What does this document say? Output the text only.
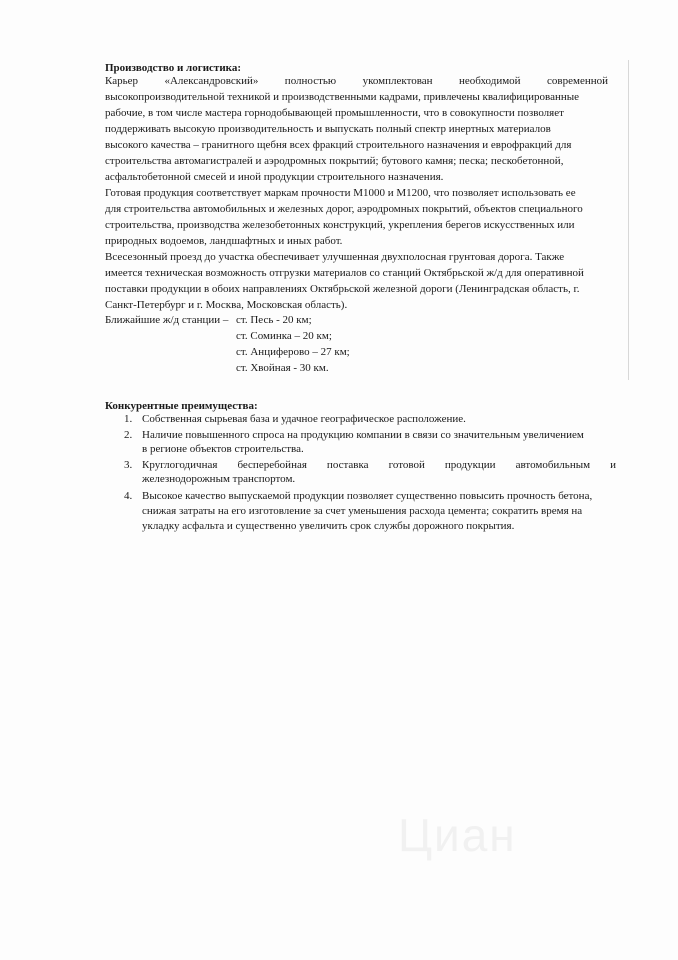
Производство и логистика:
Карьер «Александровский» полностью укомплектован необходимой современной
высокопроизводительной техникой и производственными кадрами, привлечены квалифицированные
рабочие, в том числе мастера горнодобывающей промышленности, что в совокупности позволяет
поддерживать высокую производительность и выпускать полный спектр инертных материалов
высокого качества – гранитного щебня всех фракций строительного назначения и еврофракций для
строительства автомагистралей и аэродромных покрытий; бутового камня; песка; пескобетонной,
асфальтобетонной смесей и иной продукции строительного назначения.
Готовая продукция соответствует маркам прочности М1000 и М1200, что позволяет использовать ее
для строительства автомобильных и железных дорог, аэродромных покрытий, объектов специального
строительства, производства железобетонных конструкций, укрепления берегов искусственных или
природных водоемов, ландшафтных и иных работ.
Всесезонный проезд до участка обеспечивает улучшенная двухполосная грунтовая дорога. Также
имеется техническая возможность отгрузки материалов со станций Октябрьской ж/д для оперативной
поставки продукции в обоих направлениях Октябрьской железной дороги (Ленинградская область, г.
Санкт-Петербург и г. Москва, Московская область).
Ближайшие ж/д станции – ст. Песь - 20 км;
ст. Соминка – 20 км;
ст. Анциферово – 27 км;
ст. Хвойная - 30 км.
Конкурентные преимущества:
1. Собственная сырьевая база и удачное географическое расположение.
2. Наличие повышенного спроса на продукцию компании в связи со значительным увеличением
в регионе объектов строительства.
3. Круглогодичная бесперебойная поставка готовой продукции автомобильным и
железнодорожным транспортом.
4. Высокое качество выпускаемой продукции позволяет существенно повысить прочность бетона,
снижая затраты на его изготовление за счет уменьшения расхода цемента; сократить время на
укладку асфальта и существенно увеличить срок службы дорожного покрытия.
Циан
